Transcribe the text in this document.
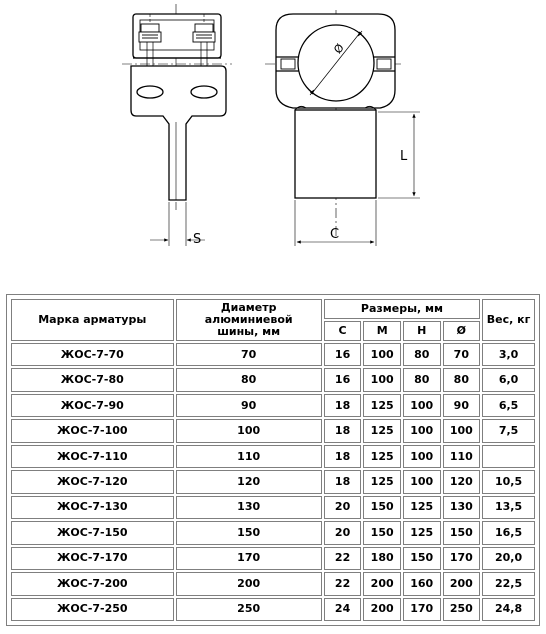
S
L
C
Ø
Марка арматуры	Диаметр алюминиевой шины, мм	Размеры, мм				Вес, кг
		С	М	Н	Ø	
ЖОС-7-70	70	16	100	80	70	3,0
ЖОС-7-80	80	16	100	80	80	6,0
ЖОС-7-90	90	18	125	100	90	6,5
ЖОС-7-100	100	18	125	100	100	7,5
ЖОС-7-110	110	18	125	100	110	
ЖОС-7-120	120	18	125	100	120	10,5
ЖОС-7-130	130	20	150	125	130	13,5
ЖОС-7-150	150	20	150	125	150	16,5
ЖОС-7-170	170	22	180	150	170	20,0
ЖОС-7-200	200	22	200	160	200	22,5
ЖОС-7-250	250	24	200	170	250	24,8
